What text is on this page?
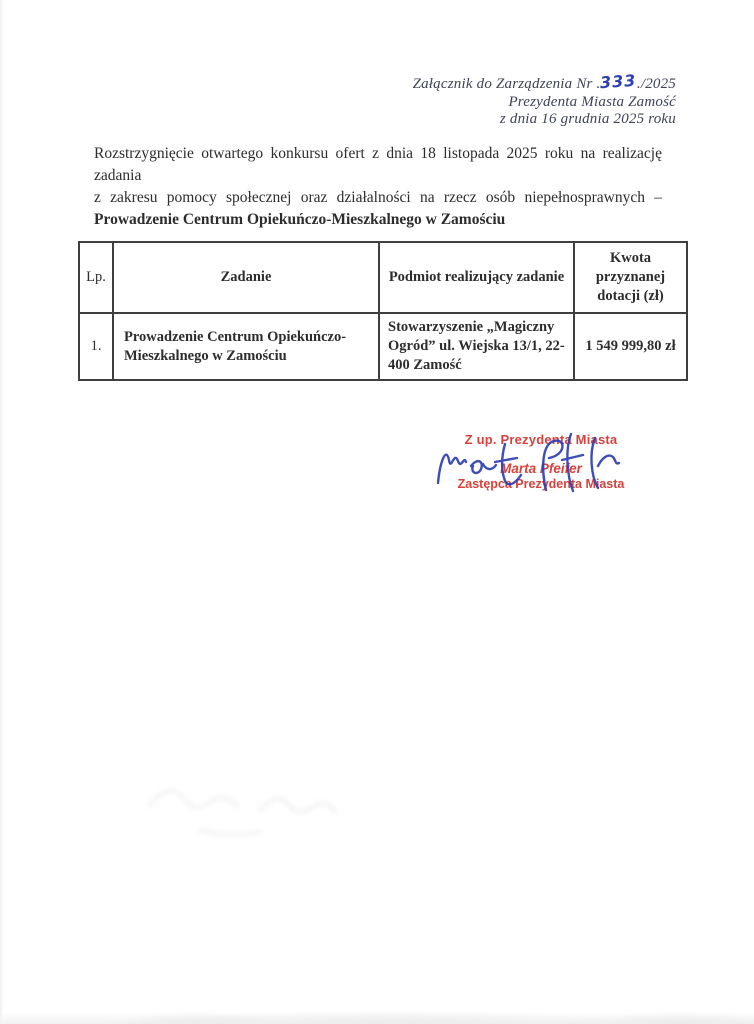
Załącznik do Zarządzenia Nr .333./2025
Prezydenta Miasta Zamość
z dnia 16 grudnia 2025 roku
Rozstrzygnięcie otwartego konkursu ofert z dnia 18 listopada 2025 roku na realizację zadania
z zakresu pomocy społecznej oraz działalności na rzecz osób niepełnosprawnych –
Prowadzenie Centrum Opiekuńczo-Mieszkalnego w Zamościu
Lp.	Zadanie	Podmiot realizujący zadanie	Kwota przyznanej dotacji (zł)
1.	Prowadzenie Centrum Opiekuńczo-Mieszkalnego w Zamościu	Stowarzyszenie „Magiczny Ogród” ul. Wiejska 13/1, 22-400 Zamość	1 549 999,80 zł
Z up. Prezydenta Miasta
Marta Pfeifer
Zastępca Prezydenta Miasta
